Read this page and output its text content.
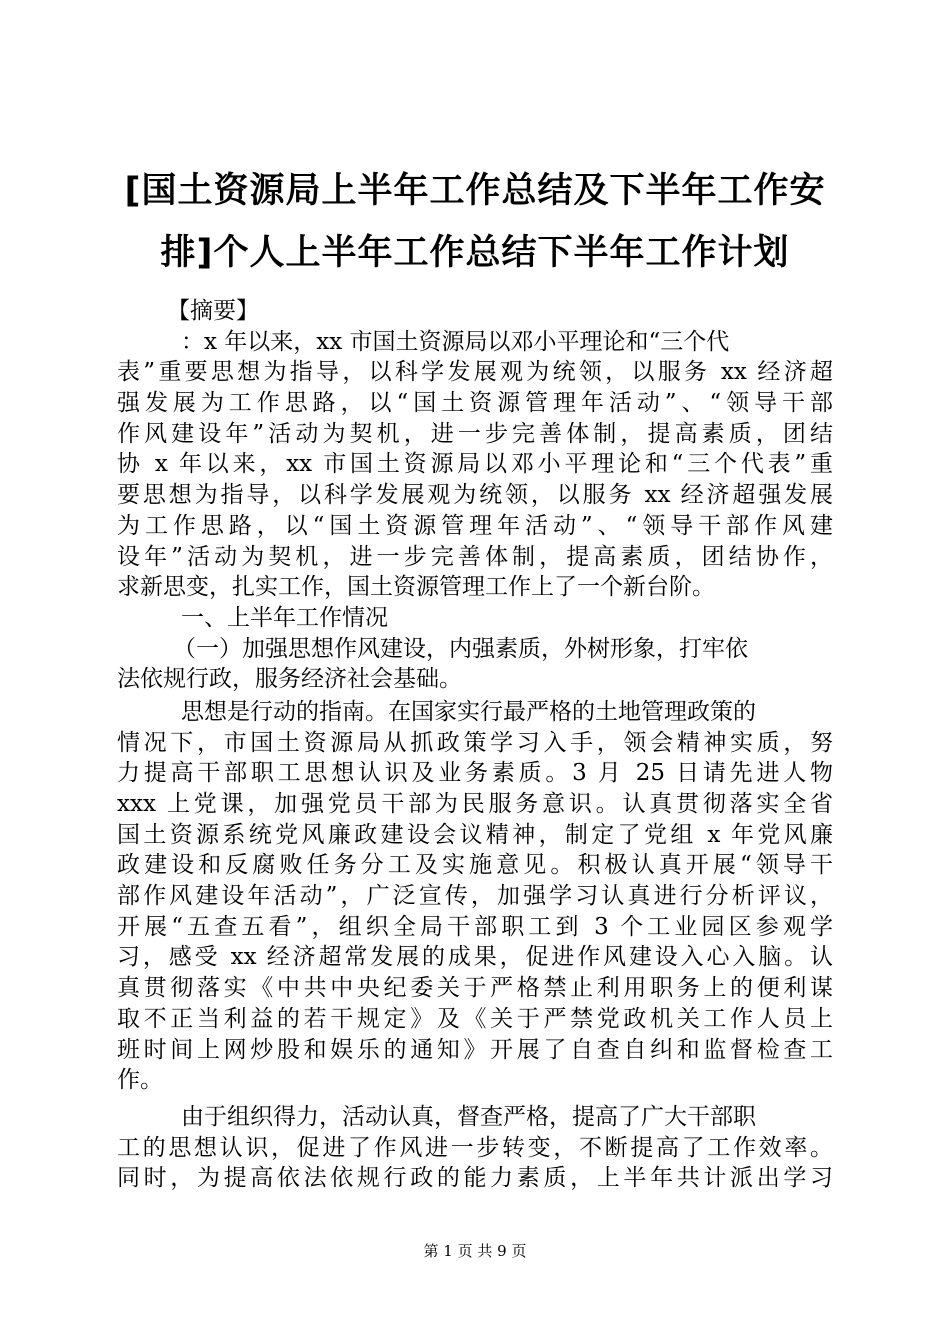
[国土资源局上半年工作总结及下半年工作安
排]个人上半年工作总结下半年工作计划
【摘要】
：x 年以来，xx 市国土资源局以邓小平理论和“三个代
表”重要思想为指导，以科学发展观为统领，以服务 xx 经济超
强发展为工作思路，以“国土资源管理年活动”、“领导干部
作风建设年”活动为契机，进一步完善体制，提高素质，团结
协 x 年以来，xx 市国土资源局以邓小平理论和“三个代表”重
要思想为指导，以科学发展观为统领，以服务 xx 经济超强发展
为工作思路，以“国土资源管理年活动”、“领导干部作风建
设年”活动为契机，进一步完善体制，提高素质，团结协作，
求新思变，扎实工作，国土资源管理工作上了一个新台阶。
一、上半年工作情况
（一）加强思想作风建设，内强素质，外树形象，打牢依
法依规行政，服务经济社会基础。
思想是行动的指南。在国家实行最严格的土地管理政策的
情况下，市国土资源局从抓政策学习入手，领会精神实质，努
力提高干部职工思想认识及业务素质。3 月 25 日请先进人物
xxx 上党课，加强党员干部为民服务意识。认真贯彻落实全省
国土资源系统党风廉政建设会议精神，制定了党组 x 年党风廉
政建设和反腐败任务分工及实施意见。积极认真开展“领导干
部作风建设年活动”，广泛宣传，加强学习认真进行分析评议，
开展“五查五看”，组织全局干部职工到 3 个工业园区参观学
习，感受 xx 经济超常发展的成果，促进作风建设入心入脑。认
真贯彻落实《中共中央纪委关于严格禁止利用职务上的便利谋
取不正当利益的若干规定》及《关于严禁党政机关工作人员上
班时间上网炒股和娱乐的通知》开展了自查自纠和监督检查工
作。
由于组织得力，活动认真，督查严格，提高了广大干部职
工的思想认识，促进了作风进一步转变，不断提高了工作效率。
同时，为提高依法依规行政的能力素质，上半年共计派出学习
第 1 页 共 9 页
